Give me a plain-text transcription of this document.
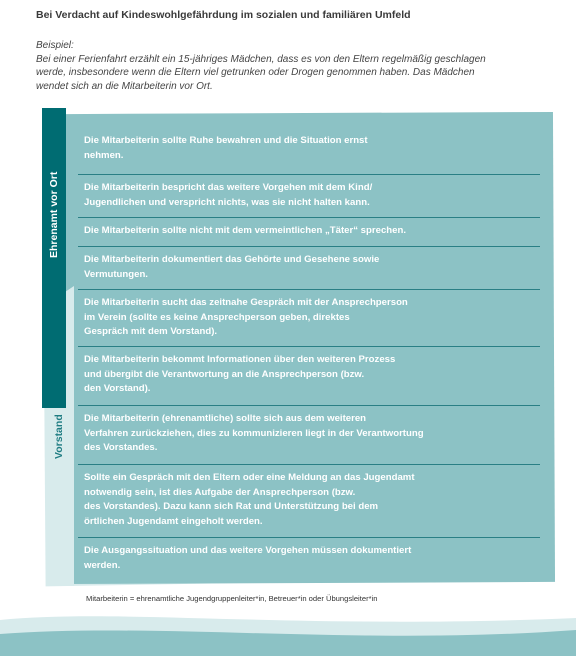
Bei Verdacht auf Kindeswohlgefährdung im sozialen und familiären Umfeld
Beispiel:
Bei einer Ferienfahrt erzählt ein 15-jähriges Mädchen, dass es von den Eltern regelmäßig geschlagen
werde, insbesondere wenn die Eltern viel getrunken oder Drogen genommen haben. Das Mädchen
wendet sich an die Mitarbeiterin vor Ort.
Ehrenamt vor Ort
Vorstand
Die Mitarbeiterin sollte Ruhe bewahren und die Situation ernst
nehmen.
Die Mitarbeiterin bespricht das weitere Vorgehen mit dem Kind/
Jugendlichen und verspricht nichts, was sie nicht halten kann.
Die Mitarbeiterin sollte nicht mit dem vermeintlichen „Täter“ sprechen.
Die Mitarbeiterin dokumentiert das Gehörte und Gesehene sowie
Vermutungen.
Die Mitarbeiterin sucht das zeitnahe Gespräch mit der Ansprechperson
im Verein (sollte es keine Ansprechperson geben, direktes
Gespräch mit dem Vorstand).
Die Mitarbeiterin bekommt Informationen über den weiteren Prozess
und übergibt die Verantwortung an die Ansprechperson (bzw.
den Vorstand).
Die Mitarbeiterin (ehrenamtliche) sollte sich aus dem weiteren
Verfahren zurückziehen, dies zu kommunizieren liegt in der Verantwortung
des Vorstandes.
Sollte ein Gespräch mit den Eltern oder eine Meldung an das Jugendamt
notwendig sein, ist dies Aufgabe der Ansprechperson (bzw.
des Vorstandes). Dazu kann sich Rat und Unterstützung bei dem
örtlichen Jugendamt eingeholt werden.
Die Ausgangssituation und das weitere Vorgehen müssen dokumentiert
werden.
Mitarbeiterin = ehrenamtliche Jugendgruppenleiter*in, Betreuer*in oder Übungsleiter*in
